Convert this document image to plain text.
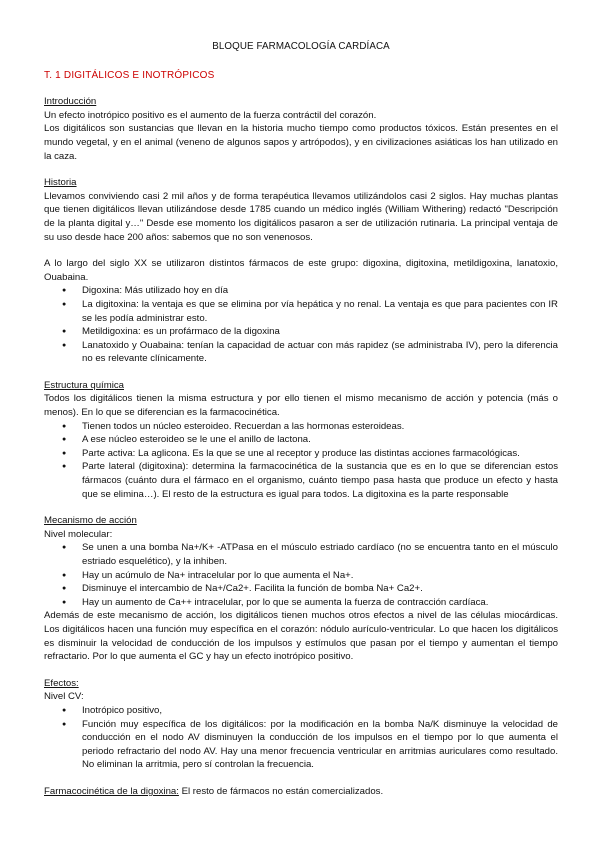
BLOQUE FARMACOLOGÍA CARDÍACA
T. 1 DIGITÁLICOS E INOTRÓPICOS
Introducción

Un efecto inotrópico positivo es el aumento de la fuerza contráctil del corazón.

Los digitálicos son sustancias que llevan en la historia mucho tiempo como productos tóxicos. Están presentes en el mundo vegetal, y en el animal (veneno de algunos sapos y artrópodos), y en civilizaciones asiáticas los han utilizado en la caza.

Historia

Llevamos conviviendo casi 2 mil años y de forma terapéutica llevamos utilizándolos casi 2 siglos. Hay muchas plantas que tienen digitálicos llevan utilizándose desde 1785 cuando un médico inglés (William Withering) redactó "Descripción de la planta digital y…" Desde ese momento los digitálicos pasaron a ser de utilización rutinaria. La principal ventaja de su uso desde hace 200 años: sabemos que no son venenosos.

A lo largo del siglo XX se utilizaron distintos fármacos de este grupo: digoxina, digitoxina, metildigoxina, lanatoxio, Ouabaina.

● Digoxina: Más utilizado hoy en día
● La digitoxina: la ventaja es que se elimina por vía hepática y no renal. La ventaja es que para pacientes con IR se les podía administrar esto.
● Metildigoxina: es un profármaco de la digoxina
● Lanatoxido y Ouabaina: tenían la capacidad de actuar con más rapidez (se administraba IV), pero la diferencia no es relevante clínicamente.
Estructura química

Todos los digitálicos tienen la misma estructura y por ello tienen el mismo mecanismo de acción y potencia (más o menos). En lo que se diferencian es la farmacocinética.

● Tienen todos un núcleo esteroideo. Recuerdan a las hormonas esteroideas.
● A ese núcleo esteroideo se le une el anillo de lactona.
● Parte activa: La aglicona. Es la que se une al receptor y produce las distintas acciones farmacológicas.
● Parte lateral (digitoxina): determina la farmacocinética de la sustancia que es en lo que se diferencian estos fármacos (cuánto dura el fármaco en el organismo, cuánto tiempo pasa hasta que produce un efecto y hasta que se elimina…). El resto de la estructura es igual para todos. La digitoxina es la parte responsable
Mecanismo de acción

Nivel molecular:

● Se unen a una bomba Na+/K+ -ATPasa en el músculo estriado cardíaco (no se encuentra tanto en el músculo estriado esquelético), y la inhiben.
● Hay un acúmulo de Na+ intracelular por lo que aumenta el Na+.
● Disminuye el intercambio de Na+/Ca2+. Facilita la función de bomba Na+ Ca2+.
● Hay un aumento de Ca++ intracelular, por lo que se aumenta la fuerza de contracción cardíaca.

Además de este mecanismo de acción, los digitálicos tienen muchos otros efectos a nivel de las células miocárdicas. Los digitálicos hacen una función muy específica en el corazón: nódulo aurículo-ventricular. Lo que hacen los digitálicos es disminuir la velocidad de conducción de los impulsos y estímulos que pasan por el tiempo y aumentan el tiempo refractario. Por lo que aumenta el GC y hay un efecto inotrópico positivo.

Efectos:

Nivel CV:

● Inotrópico positivo,
● Función muy específica de los digitálicos: por la modificación en la bomba Na/K disminuye la velocidad de conducción en el nodo AV disminuyen la conducción de los impulsos en el tiempo por lo que aumenta el periodo refractario del nodo AV. Hay una menor frecuencia ventricular en arritmias auriculares como resultado. No eliminan la arritmia, pero sí controlan la frecuencia.

Farmacocinética de la digoxina: El resto de fármacos no están comercializados.
